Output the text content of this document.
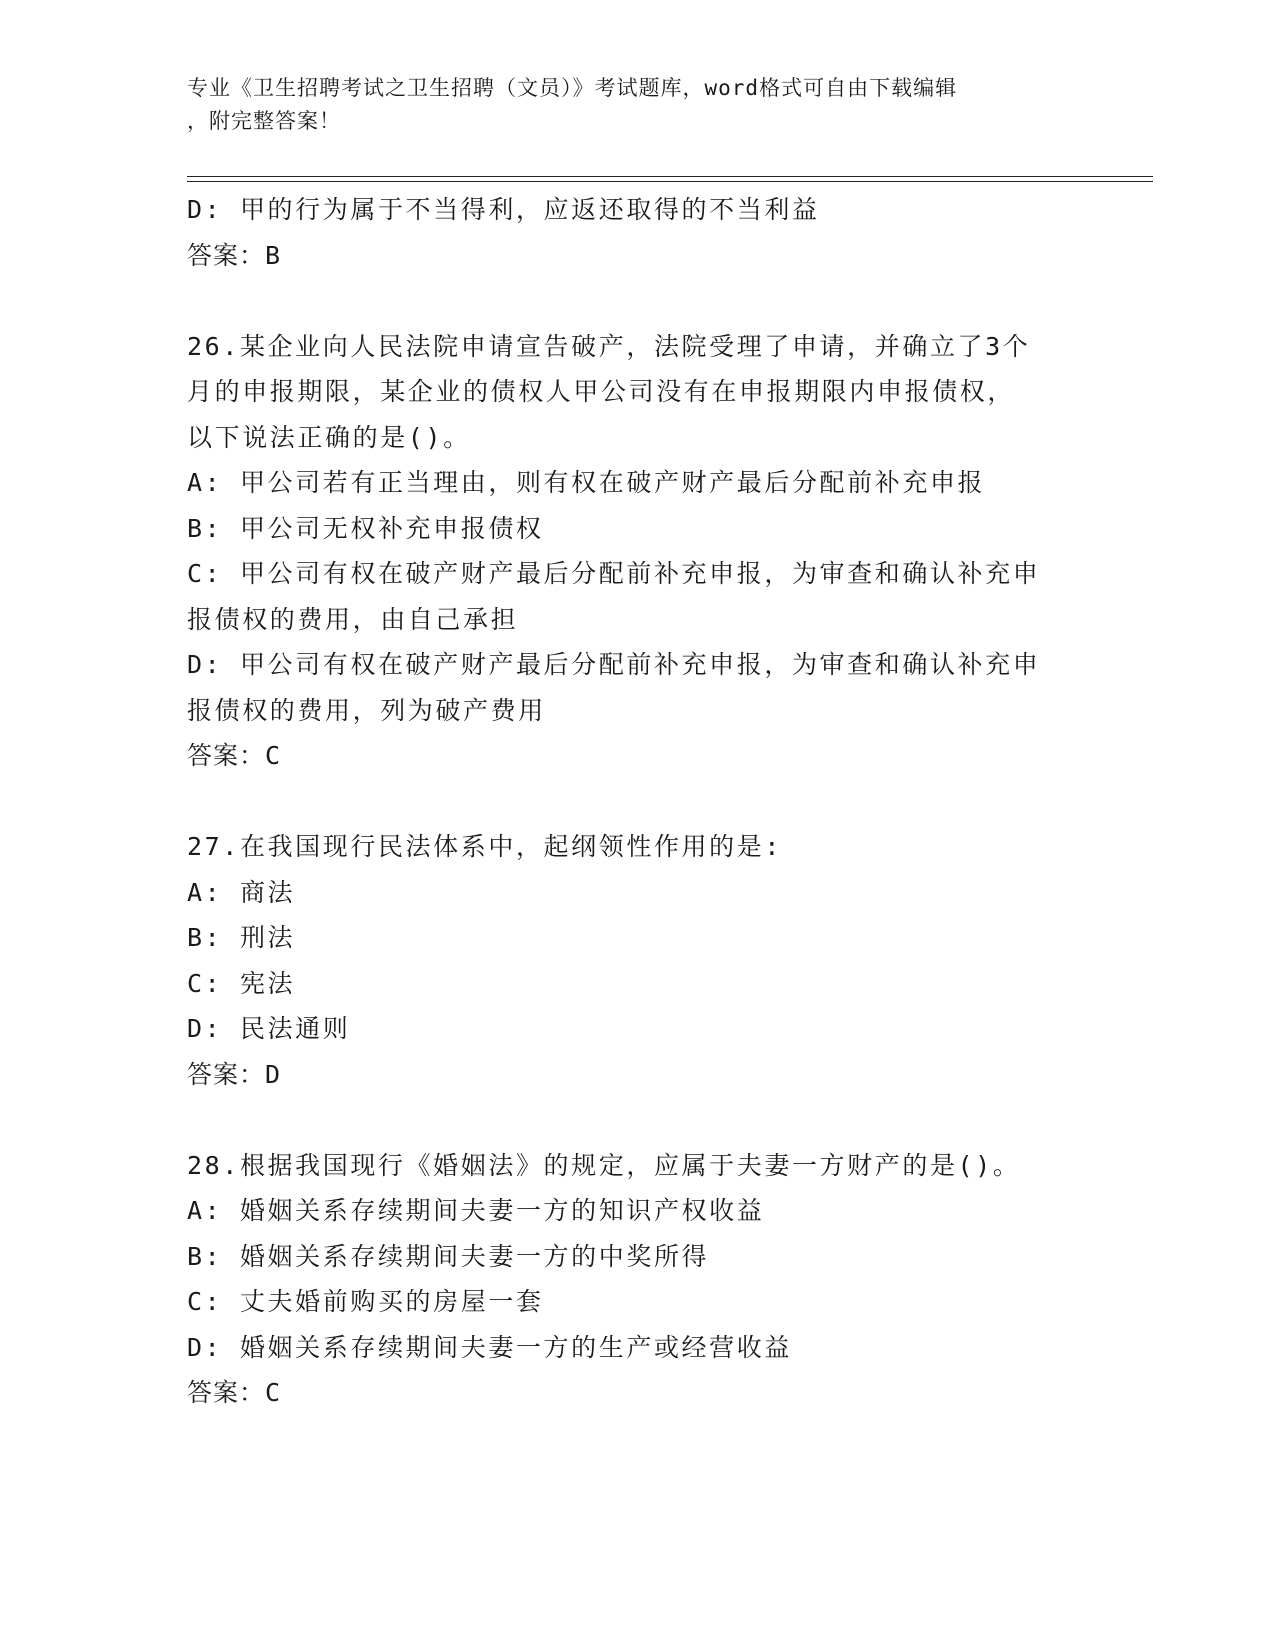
专业《卫生招聘考试之卫生招聘（文员）》考试题库，word格式可自由下载编辑
，附完整答案！
D: 甲的行为属于不当得利，应返还取得的不当利益
答案：B
26.某企业向人民法院申请宣告破产，法院受理了申请，并确立了3个
月的申报期限，某企业的债权人甲公司没有在申报期限内申报债权，
以下说法正确的是()。
A: 甲公司若有正当理由，则有权在破产财产最后分配前补充申报
B: 甲公司无权补充申报债权
C: 甲公司有权在破产财产最后分配前补充申报，为审查和确认补充申
报债权的费用，由自己承担
D: 甲公司有权在破产财产最后分配前补充申报，为审查和确认补充申
报债权的费用，列为破产费用
答案：C
27.在我国现行民法体系中，起纲领性作用的是:
A: 商法
B: 刑法
C: 宪法
D: 民法通则
答案：D
28.根据我国现行《婚姻法》的规定，应属于夫妻一方财产的是()。
A: 婚姻关系存续期间夫妻一方的知识产权收益
B: 婚姻关系存续期间夫妻一方的中奖所得
C: 丈夫婚前购买的房屋一套
D: 婚姻关系存续期间夫妻一方的生产或经营收益
答案：C
